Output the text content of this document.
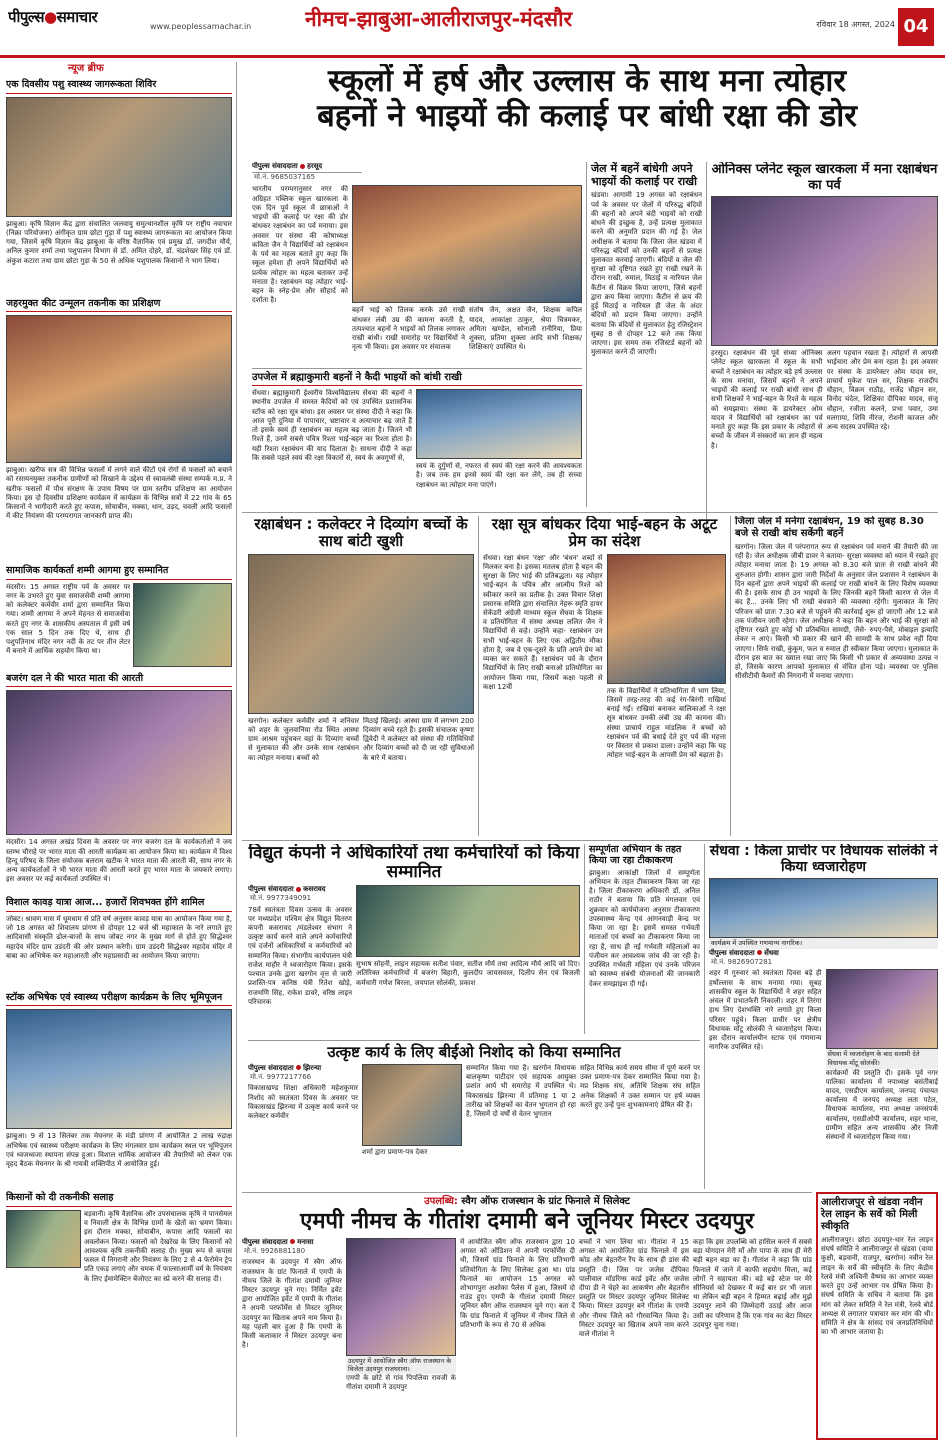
पीपुल्स●समाचार
www.peoplessamachar.in	नीमच-झाबुआ-आलीराजपुर-मंदसौर	रविवार 18 अगस्त, 2024 04
न्यूज ब्रीफ
एक दिवसीय पशु स्वास्थ्य जागरूकता शिविर
झाबुआ। कृषि विज्ञान केंद्र द्वारा संचालित जलवायु समुत्थानशील कृषि पर राष्ट्रीय नवाचार (निक्रा परियोजना) अंगीकृत ग्राम छोटा गुड़ा में पशु स्वास्थ्य जागरूकता का आयोजन किया गया, जिसमें कृषि विज्ञान केंद्र झाबुआ के वरिष्ठ वैज्ञानिक एवं प्रमुख डॉ. जगदीश मौर्य, अनिल कुमार शर्मा तथा पशुपालन विभाग से डॉ. अमित दोहरे, डॉ. चंद्रशेखर सिंह एवं डॉ. अंकुश कटारा तथा ग्राम छोटा गुड़ा के 50 से अधिक पशुपालक किसानों ने भाग लिया।
जहरमुक्त कीट उन्मूलन तकनीक का प्रशिक्षण
झाबुआ। खरीफ सत्र की विभिन्न फसलों में लगने वाले कीटों एवं रोगों से फसलों को बचाने को रसायनमुक्त तकनीक ग्रामीणों को सिखाने के उद्देश्य से स्वावलंबी संस्था सम्पर्क म.प्र. ने खरीफ फसलों में पौध संरक्षण के उपाय विषय पर ग्राम स्तरीय प्रशिक्षण का आयोजन किया। इस दो दिवसीय प्रशिक्षण कार्यक्रम में कार्यक्रम के विभिन्न सत्रों में 22 गांव के 65 किसानों ने भागीदारी करते हुए कपास, सोयाबीन, मक्का, धान, उड़द, चवली आदि फसलों में कीट नियंत्रण की परम्परागत जानकारी प्राप्त की।
सामाजिक कार्यकर्ता शम्मी आगमा हुए सम्मानित
मंदसौर। 15 अगस्त राष्ट्रीय पर्व के अवसर पर नगर के उभरते हुए युवा समाजसेवी शम्मी आगमा को कलेक्टर कर्मवीर शर्मा द्वारा सम्मानित किया गया। शम्मी आगमा ने अपने मेहनत से समाजसेवा करते हुए नगर के शासकीय अस्पताल में इसी वर्ष एक साल 5 दिन तक दिए थे, साथ ही पशुपतिनाथ मंदिर नगर नदी के तट पर तीन लेटर में बनाने में आर्थिक सहयोग किया था।
बजरंग दल ने की भारत माता की आरती
मंदसौर। 14 अगस्त अखंड दिवस के अवसर पर नगर बजरंग दल के कार्यकर्ताओं ने जय स्तम्भ चौराहे पर भारत माता की आरती कार्यक्रम का आयोजन किया था। कार्यक्रम में विश्व हिन्दू परिषद के जिला संयोजक बलराम खटीक ने भारत माता की आरती की, साथ नगर के अन्य कार्यकर्ताओं ने भी भारत माता की आरती करते हुए भारत माता के जयकारे लगाए। इस अवसर पर कई कार्यकर्ता उपस्थित थे।
विशाल कावड़ यात्रा आज... हजारों शिवभक्त होंगे शामिल
जोबट। श्रावण मास में धूमधाम से प्रति वर्ष अनुसार कावड़ यात्रा का आयोजन किया गया है, जो 18 अगस्त को शिवालय प्रांगण से दोपहर 12 बजे श्री महाकाल के नारे लगाते हुए आदिवासी संस्कृति ढोल-बाजों के साथ जोबट नगर के मुख्य मार्ग से होते हुए सिद्धेश्वर महादेव मंदिर ग्राम उडंदरी की ओर प्रस्थान करेगी। ग्राम उडंदरी सिद्धेश्वर महादेव मंदिर में बाबा का अभिषेक कर महाआरती और महाप्रसादी का आयोजन किया जाएगा।
स्टॉक अभिषेक एवं स्वास्थ्य परीक्षण कार्यक्रम के लिए भूमिपूजन
झाबुआ। 9 से 13 सितंबर तक मेघनगर के मंडी प्रांगण में आयोजित 2 लाख रुद्राक्ष अभिषेक एवं स्वास्थ्य परीक्षण कार्यक्रम के लिए मंगलवार ग्राम कार्यक्रम स्थल पर भूमिपूजन एवं ध्वजध्वजा स्थापना संपन्न हुआ। विशाल धार्मिक आयोजन की तैयारियों को लेकर एक वृहद बैठक मेघनगर के श्री गायत्री शक्तिपीठ में आयोजित हुई।
किसानों को दी तकनीकी सलाह
बड़वानी। कृषि वैज्ञानिक और उपसंचालक कृषि ने पानसेमल व निवाली क्षेत्र के विभिन्न ग्रामों के खेतों का भ्रमण किया। इस दौरान मक्का, सोयाबीन, कपास आदि फसलों का अवलोकन किया। फसलों को देखरेख के लिए किसानों को आवश्यक कृषि तकनीकी सलाह दी। मुख्य रूप से कपास फसल में निगरानी और नियंत्रण के लिए 2 से 4 फेरोमेन ट्रेप प्रति एकड़ लगाएं और चमक में फाल्साआर्मी वर्म के नियंत्रण के लिए ईमामेक्टिन बेंजोएट का स्प्रे करने की सलाह दी।
स्कूलों में हर्ष और उल्लास के साथ मना त्योहार
बहनों ने भाइयों की कलाई पर बांधी रक्षा की डोर
पीपुल्स संवाददाता हरसूद
मो.नं. 9685037165
भारतीय परम्परानुसार नगर की अग्रिहत पब्लिक स्कूल खारकला के एक दिन पूर्व स्कूल में छात्राओं ने भाइयों की कलाई पर रक्षा की डोर बांधकर रक्षाबंधन का पर्व मनाया। इस अवसर पर संस्था की कोषाध्यक्ष कविता जैन ने विद्यार्थियों को रक्षाबंधन के पर्व का महत्व बताते हुए कहा कि स्कूल हमेशा ही अपने विद्यार्थियों को प्रत्येक त्योहार का महत्व बताकर उन्हें मनाता है। रक्षाबंधन यह त्योहार भाई-बहन के स्नेह-प्रेम और सौहार्द को दर्शाता है।
बहनें भाई को तिलक करके उसे राखी बांधकर लंबी उम्र की कामना करती है, तत्पश्चात बहनों ने भाइयों को तिलक लगाकर राखी बांधी। राखी समारोह पर विद्यार्थियों ने नृत्य भी किया। इस अवसर पर संचालक
संतोष जैन, अक्षत जैन, शिक्षक कपिल यादव, आकांक्षा ठाकुर, श्रेया चित्रमकर, अमिता खण्डेल, सोनाली रानीरिया, प्रिया शुक्ला, प्रतिमा शुक्ला आदि सभी शिक्षक/शिक्षिकाएं उपस्थित थे।
जेल में बहनें बांधेगी अपने भाइयों की कलाई पर राखी
खंडवा। आगामी 19 अगस्त को रक्षाबंधन पर्व के अवसर पर जेलों में परिरुद्ध बंदियों की बहनों को अपने बंदी भाइयों को राखी बांधने की इच्छुक है, उन्हें प्रत्यक्ष मुलाकात करने की अनुमति प्रदान की गई है। जेल अधीक्षक ने बताया कि जिला जेल खंडवा में परिरुद्ध बंदियों को उनकी बहनों से प्रत्यक्ष मुलाकात करवाई जाएगी। बंदियों व जेल की सुरक्षा को दृष्टिगत रखते हुए राखी रखने के दौरान राखी, रुमाल, मिठाई व नारियल जेल कैंटीन से विक्रय किया जाएगा, जिसे बहनों द्वारा क्रय किया जाएगा। कैंटीन से क्रय की हुई मिठाई व नारियल ही जेल के अंदर बंदियों को प्रदान किया जाएगा। उन्होंने बताया कि बंदियों से मुलाकात हेतु रजिस्ट्रेशन सुबह 8 से दोपहर 12 बजे तक किया जाएगा। इस समय तक रजिस्टर्ड बहनों को मुलाकात करने दी जाएगी।
ओनिक्स प्लेनेट स्कूल खारकला में मना रक्षाबंधन का पर्व
हरसूद। रक्षाबंधन की पूर्व संध्या ओनिक्स प्लेनेट स्कूल खारकला में स्कूल के सभी बच्चों ने रक्षाबंधन का त्योहार बड़े हर्ष उल्लास के साथ मनाया, जिसमें बहनों ने अपने भाइयों की कलाई पर राखी बांधी साथ ही सभी शिक्षकों ने भाई-बहन के रिश्ते के महत्व को समझाया। संस्था के डायरेक्टर ओम यादव ने विद्यार्थियों को रक्षाबंधन का पर्व मनाते हुए कहा कि इस प्रकार के त्योहारों से बच्चों के जीवन में संस्कारों का ज्ञान ही महत्व है।
अलग पहचान रखता है। त्योहारों से आपसी भाईचारा और प्रेम बना रहता है। इस अवसर पर संस्था के डायरेक्टर ओम यादव सर, प्राचार्य मुकेश पाल सर, शिक्षक राजदीप चौहान, विक्रम राठौड़, राजेंद्र चौहान सर, विनोद चंदेल, शिक्षिका दीपिका यादव, संजू चौहान, रजीता कलने, प्रभा पवार, उमा मलगाया, शिवि नीरज, रोशनी काजल और अन्य सदस्य उपस्थित रहे।
उपजेल में ब्रह्माकुमारी बहनों ने कैदी भाइयों को बांधी राखी
सेंधवा। ब्रह्माकुमारी ईश्वरीय विश्वविद्यालय सेंधवा की बहनों ने स्थानीय उपजेल में समस्त कैदियों को एवं उपस्थित प्रशासनिक स्टॉफ को रक्षा सूत्र बांधा। इस अवसर पर संस्था दीदी ने कहा कि आज पूरी दुनिया में पापाचार, भ्रष्टाचार व अत्याचार बढ़ जाते हैं तो इसके स्वयं ही रक्षाबंधन का महत्व बढ़ जाता है। जितने भी रिश्ते हैं, उनमें सबसे पवित्र रिश्ता भाई-बहन का रिश्ता होता है। यही रिश्ता रक्षाबंधन की याद दिलाता है। साधना दीदी ने कहा कि सबसे पहले स्वयं की रक्षा विकारों से, स्वयं के अवगुणों से,
स्वयं के दुर्गुणों से, नफरत से स्वयं की रक्षा करने की आवश्यकता है। जब तक हम इनसे स्वयं की रक्षा कर लेंगे, तब ही सच्चा रक्षाबंधन का त्योहार मना पाएंगे।
रक्षाबंधन : कलेक्टर ने दिव्यांग बच्चों के साथ बांटी खुशी
खरगोन। कलेक्टर कर्मवीर शर्मा ने शनिवार को शहर के जुलवानिया रोड स्थित आस्था ग्राम आश्रम पहुंचकर वहां के दिव्यांग बच्चों से मुलाकात की और उनके साथ रक्षाबंधन का त्योहार मनाया। बच्चों को
मिठाई खिलाई। आस्था ग्राम में लगभग 200 दिव्यांग बच्चे रहते हैं। इसकी संचालक कृष्णा द्विवेदी ने कलेक्टर को संस्था की गतिविधियों और दिव्यांग बच्चों को दी जा रही सुविधाओं के बारे में बताया।
रक्षा सूत्र बांधकर दिया भाई-बहन के अटूट प्रेम का संदेश
सेंधवा। रक्षा बंधन 'रक्षा' और 'बंधन' शब्दों से मिलकर बना है। इसका मतलब होता है बहन की सुरक्षा के लिए भाई की प्रतिबद्धता। यह त्योहार भाई-बहन के पवित्र और आत्मीय रिश्ते को स्वीकार करने का प्रतीक है। उक्त विचार शिक्षा प्रसारक समिति द्वारा संचालित नेहरू स्मृति हायर सेकेंडरी अंग्रेजी माध्यम स्कूल सेंधवा के शिक्षक व प्रतियोगिता में संस्था अध्यक्ष ललित जैन ने विद्यार्थियों से कहे। उन्होंने कहा- रक्षाबंधन उन सभी भाई-बहन के लिए एक अद्वितीय मौका होता है, जब वे एक-दूसरे के प्रति अपने प्रेम को व्यक्त कर सकते हैं। रक्षाबंधन पर्व के दौरान विद्यार्थियों के लिए राखी बनाओ प्रतियोगिता का आयोजन किया गया, जिसमें कक्षा पहली से कक्षा 12वीं	तक के विद्यार्थियों ने प्रतिभागिता में भाग लिया, जिसमें तरह-तरह की कई रंग-बिरंगी राखियां बनाई गईं। राखियां बनाकर बालिकाओं ने रक्षा सूत्र बांधकर उनकी लंबी उम्र की कामना की। संस्था प्राचार्य राहुल मांडलिक ने बच्चों को रक्षाबंधन पर्व की बधाई देते हुए पर्व की महत्ता पर विस्तार से प्रकाश डाला। उन्होंने कहा कि यह त्योहार भाई-बहन के आपसी प्रेम को बढ़ाता है।
जिला जेल में मनेगा रक्षाबंधन, 19 को सुबह 8.30 बजे से राखी बांध सकेंगी बहनें
खरगोन। जिला जेल में परंपरागत रूप से रक्षाबंधन पर्व मनाने की तैयारी की जा रही है। जेल अधीक्षक जीबी डावर ने बताया- सुरक्षा व्यवस्था को ध्यान में रखते हुए त्योहार मनाया जाता है। 19 अगस्त को 8.30 बजे प्रातः से राखी बांधने की शुरुआत होगी। शासन द्वारा जारी निर्देशों के अनुसार जेल प्रशासन ने रक्षाबंधन के दिन बहनों द्वारा अपने भाइयों की कलाई पर राखी बांधने के लिए विशेष व्यवस्था की है। इसके साथ ही उन भाइयों के लिए जिनकी बहनें किसी कारण से जेल में बंद हैं... उनके लिए भी राखी बंधवाने की व्यवस्था रहेगी। मुलाकात के लिए परिजन को प्रातः 7.30 बजे से पहुंचने की कार्रवाई शुरू हो जाएगी और 12 बजे तक पंजीयन जारी रहेगा। जेल अधीक्षक ने कहा कि बहन और भाई की सुरक्षा को दृष्टिगत रखते हुए कोई भी प्रतिबंधित सामग्री, जैसे- रुपए-पैसे, मोबाइल इत्यादि लेकर न आएं। किसी भी प्रकार की खाने की सामग्री के साथ प्रवेश नहीं दिया जाएगा। सिर्फ राखी, कुंकुम, फल व रुमाल ही स्वीकार किया जाएगा। मुलाकात के दौरान इस बात का ख्याल रखा जाए कि किसी भी प्रकार से अव्यवस्था उत्पन्न न हो, जिसके कारण आपको मुलाकात से वंचित होना पड़े। व्यवस्था पर पुलिस सीसीटीवी कैमरों की निगरानी में मनाया जाएगा।
विद्युत कंपनी ने अधिकारियों तथा कर्मचारियों को किया सम्मानित
पीपुल्स संवाददाता कसरावद
मो.नं. 9977349091
78वें स्वतंत्रता दिवस उत्सव के अवसर पर मध्यप्रदेश पश्चिम क्षेत्र विद्युत वितरण कंपनी कसरावद /मंडलेश्वर संभाग ने उत्कृष्ट कार्य करने वाले अपने कर्मचारियों एवं दर्जनों अधिकारियों व कर्मचारियों को सम्मानित किया। संभागीय कार्यपालन यंत्री राजेश माहौर ने ध्वजारोहण किया। इसके पश्चात उनके द्वारा खरगोन वृत्त से जारी प्रशस्ति-पत्र कनिष्ठ यंत्री रितेश खोड़े, राजमणि सिंह, राकेश डावरे, वरिष्ठ लाइन परिचारक
सुभाष सोहनी, लाइन सहायक सतीश पंवार, सतीश मौर्य तथा आदित्य मौर्य आदि को दिए। अतिरिक्त कर्मचारियों में बजरंग बिहारी, कुलदीप जायसवाल, दिलीप सेन एवं बिजली कर्मचारी गणेश बिरला, जयपाल सोलंकी, प्रकाश
सम्पूर्णता अभियान के तहत किया जा रहा टीकाकरण
झाबुआ। आकांक्षी जिलों में सम्पूर्णता अभियान के तहत टीकाकरण किया जा रहा है। जिला टीकाकरण अधिकारी डॉ. अनिल राठौर ने बताया कि प्रति मंगलवार एवं शुक्रवार को कार्ययोजना अनुसार टीकाकरण उपस्वास्थ्य केन्द्र एवं आंगनवाड़ी केन्द्र पर किया जा रहा है। इसमें समस्त गर्भवती माताओं एवं बच्चों का टीकाकरण किया जा रहा है, साथ ही नई गर्भवती महिलाओं का पंजीयन कर आवश्यक जांच की जा रही है। उपस्थित गर्भवती महिला एवं उनके परिजन को स्वास्थ्य संबंधी योजनाओं की जानकारी देकर समझाइश दी गई।
सेंधवा : किला प्राचीर पर विधायक सोलंकी ने किया ध्वजारोहण
कार्यक्रम में उपस्थित गणमान्य नागरिक।
पीपुल्स संवाददाता सेंधवा
मो.नं. 9826907281
शहर में गुरुवार को स्वतंत्रता दिवस बड़े ही हर्षोल्लास के साथ मनाया गया। सुबह शासकीय स्कूल के विद्यार्थियों ने शहर सहित अंचल में प्रभातफेरी निकाली। शहर में तिरंगा हाथ लिए देशभक्ति नारे लगाते हुए किला परिसर पहुंचे। किला प्राचीर पर क्षेत्रीय विधायक मोंटू सोलंकी ने ध्वजारोहण किया। इस दौरान कार्यालयीन स्टाफ एवं गणमान्य नागरिक उपस्थित रहे।
सेंधवा में ध्वजारोहण के बाद सलामी देते विधायक मोंटू सोलंकी।
कार्यक्रमों की प्रस्तुति दी। इसके पूर्व नगर पालिका कार्यालय में नपाध्यक्ष बसंतीबाई यादव, एसडीएम कार्यालय, जनपद पंचायत कार्यालय में जनपद अध्यक्ष लता पटेल, विधायक कार्यालय, नपा अध्यक्ष जनसंपर्क कार्यालय, एसडीओपी कार्यालय, शहर थाना, ग्रामीण सहित अन्य शासकीय और निजी संस्थानों में ध्वजारोहण किया गया।
उत्कृष्ट कार्य के लिए बीईओ निशोद को किया सम्मानित
पीपुल्स संवाददाता झिरन्या
मो.नं. 9977217766
विकासखण्ड शिक्षा अधिकारी महेशकुमार निशोद को स्वतंत्रता दिवस के अवसर पर विकासखंड झिरन्या में उत्कृष्ट कार्य करने पर कलेक्टर कर्मवीर
शर्मा द्वारा प्रमाण-पत्र देकर
सम्मानित किया गया है। खरगोन विधायक बालकृष्ण पाटीदार एवं सहायक आयुक्त प्रशांत आर्य भी समारोह में उपस्थित थे। विकासखंड झिरन्या में प्रतिमाह 1 या 2 तारीख को शिक्षकों का वेतन भुगतान हो रहा है, जिसमें दो वर्षों से वेतन भुगतान
सहित विभिन्न कार्य समय सीमा में पूर्ण करने पर उक्त प्रमाण-पत्र देकर सम्मानित किया गया है। मप्र शिक्षक संघ, अतिथि शिक्षक संघ सहित अनेक शिक्षकों ने उक्त सम्मान पर हर्ष व्यक्त करते हुए उन्हें पुनः शुभकामनाएं प्रेषित की हैं।
उपलब्धि: स्वैग ऑफ राजस्थान के ग्रांट फिनाले में सिलेक्ट
एमपी नीमच के गीतांश दमामी बने जूनियर मिस्टर उदयपुर
पीपुल्स संवाददाता मनासा
मो.नं. 9926881180
राजस्थान के उदयपुर में स्वैग ऑफ राजस्थान के ग्रांट फिनाले में एमपी के नीमच जिले के गीतांश दमामी जूनियर मिस्टर उदयपुर चुने गए। निर्मित इवेंट द्वारा आयोजित इवेंट में एमपी के गीतांश ने अपनी परफॉर्मेंस से मिस्टर जूनियर उदयपुर का खिताब अपने नाम किया है। यह पहली बार हुआ है कि एमपी के किसी कलाकार ने मिस्टर उदयपुर बना है।
उदयपुर में आयोजित स्वैग ऑफ राजस्थान के विजेता उदयपुर राजघराना।
एमपी के छोटे से गांव पिपलिया रावजी के गीतांश दमामी ने उदयपुर
में आयोजित स्वैग ऑफ राजस्थान द्वारा 10 अगस्त को ऑडिशन में अपनी परफॉर्मेंस दी थी, जिसमें ग्रांड फिनाले के लिए प्रतिभागी प्रतियोगिता के लिए सिलेक्ट हुआ था। ग्रांड फिनाले का आयोजन 15 अगस्त को शोभागपुरा अशोका पैलेस में हुआ, जिसमें दो राउंड हुए। एमपी के गीतांश दमामी मिस्टर जूनियर स्वैग ऑफ राजस्थान चुने गए। बता दें कि ग्रांड फिनाले में जूनियर में नीमच जिले से प्रतिभागी के रूप से 70 से अधिक
बच्चों ने भाग लिया था। गीतांश ने 15 अगस्त को आयोजित ग्रांड फिनाले में इस कोड और बेहतरीन रैंप के साथ ही डांस की प्रस्तुति दी। जिस पर जजेस दीपिका पालीवाल मॉडरिग्स कार्ड इवेंट और जजेस दीपा डी ने चेहरे का आकर्षण और बेहतरीन प्रस्तुति पर मिस्टर उदयपुर जूनियर सिलेक्ट किया। मिस्टर उदयपुर बने गीतांश के एमपी और नीमच जिले को गौरवान्वित किया है। मिस्टर उदयपुर का खिताब अपने नाम करने वाले गीतांश ने
कहा कि इस उपलब्धि को हासिल करने में सबसे बड़ा योगदान मेरी माँ और पापा के साथ ही मेरी बड़ी बहन बड़ा का है। गीतांश ने कहा कि ग्रांड फिनाले में जाने में काफी सहयोग मिला, कई लोगों ने सहायता की। बड़े बड़े स्टेज पर मेरे सीनियर्स को देखकर मैं कई बार डर भी जाता था लेकिन बड़ी बहन ने हिम्मत बढ़ाई और मुझे उदयपुर लाने की जिम्मेदारी उठाई और आज उसी का परिणाम है कि एक गांव का बेटा मिस्टर उदयपुर चुना गया।
आलीराजपुर से खंडवा नवीन रेल लाइन के सर्वे को मिली स्वीकृति
आलीराजपुर। छोटा उदयपुर-धार रेल लाइन संघर्ष समिति ने आलीराजपुर से खंडवा (वाया कुक्षी, बड़वानी, राजपुर, खरगोन) नवीन रेल लाइन के सर्वे की स्वीकृति के लिए केंद्रीय रेलवे मंत्री अश्विनी वैष्णव का आभार व्यक्त करते हुए उन्हें आभार पत्र प्रेषित किया है। संघर्ष समिति के सचिव ने बताया कि इस मांग को लेकर समिति ने रेल मंत्री, रेलवे बोर्ड अध्यक्ष से लगातार पत्राचार कर मांग की थी। समिति ने क्षेत्र के सांसद एवं जनप्रतिनिधियों का भी आभार जताया है।
